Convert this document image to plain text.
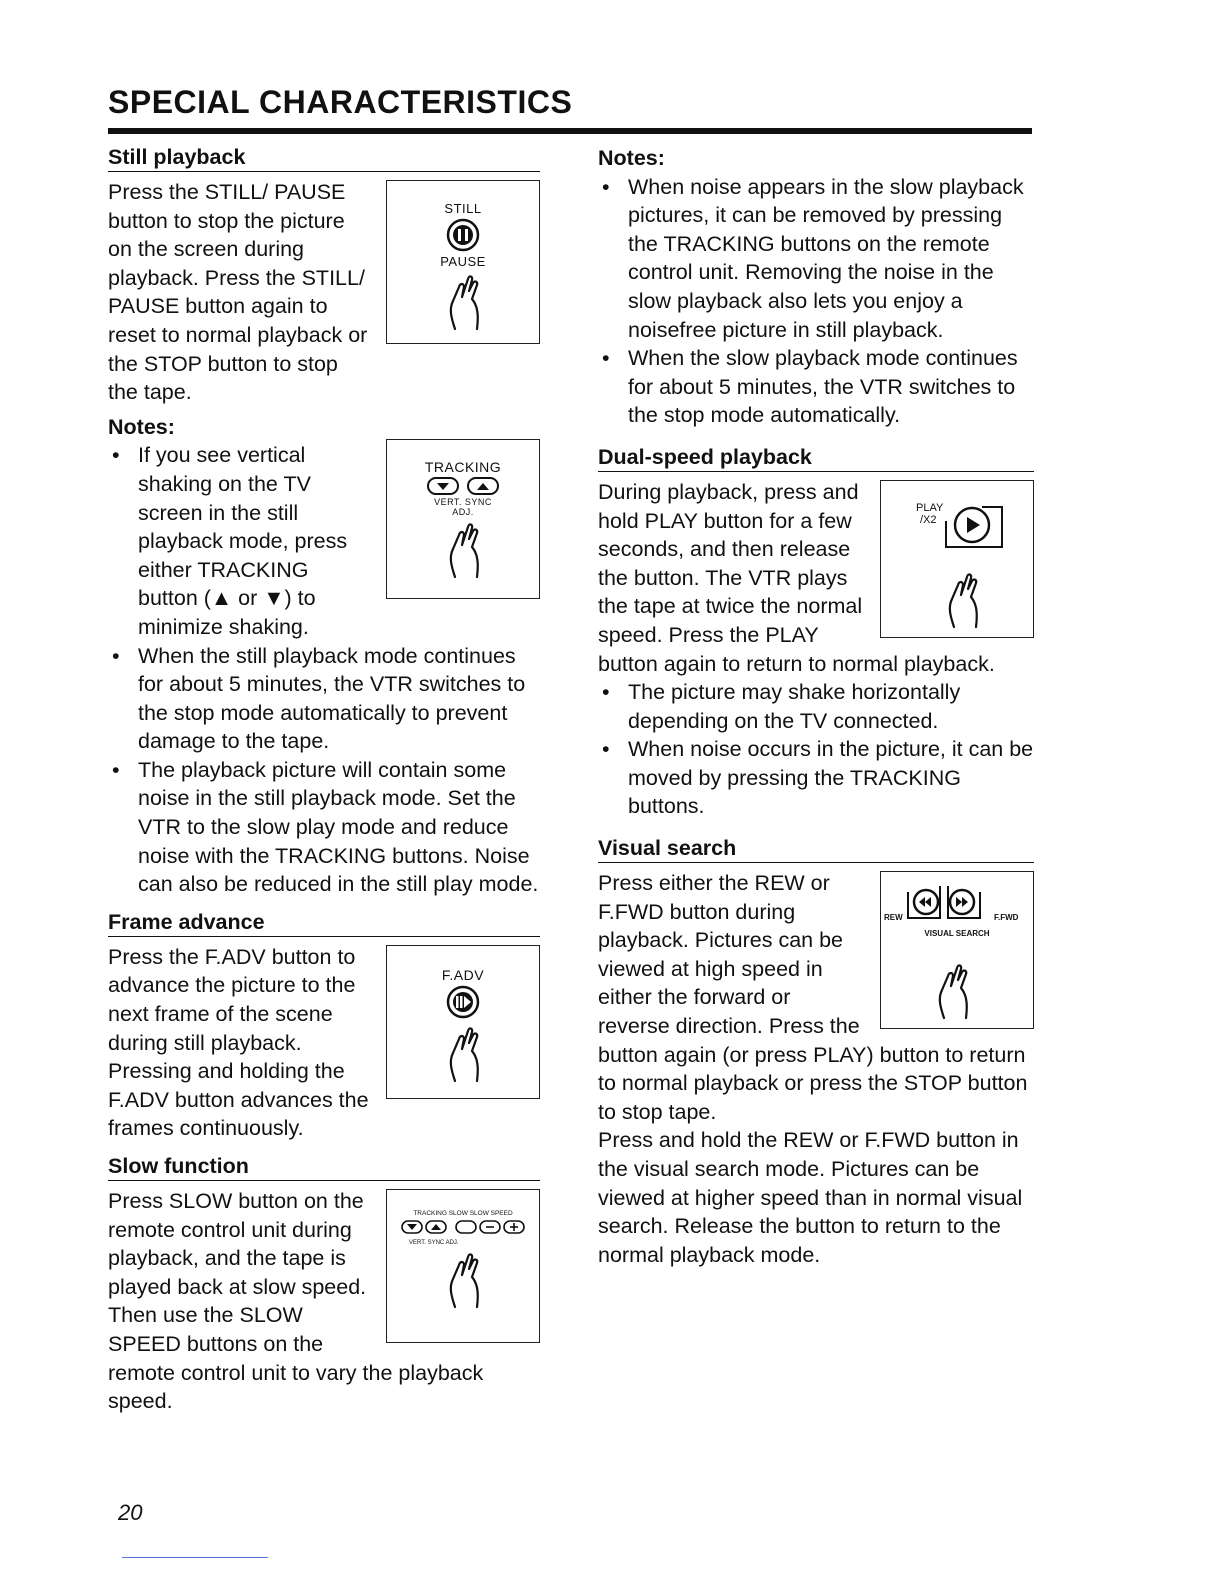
SPECIAL CHARACTERISTICS
Still playback
STILL
PAUSE

Press the STILL/ PAUSE button to stop the picture on the screen during playback. Press the STILL/ PAUSE button again to reset to normal playback or the STOP button to stop the tape.

Notes:
TRACKING
VERT. SYNC
ADJ.
• If you see vertical shaking on the TV screen in the still playback mode, press either TRACKING button (▲ or ▼) to minimize shaking.
• When the still playback mode continues for about 5 minutes, the VTR switches to the stop mode automatically to prevent damage to the tape.
• The playback picture will contain some noise in the still playback mode. Set the VTR to the slow play mode and reduce noise with the TRACKING buttons. Noise can also be reduced in the still play mode.
Frame advance
F.ADV

Press the F.ADV button to advance the picture to the next frame of the scene during still playback. Pressing and holding the F.ADV button advances the frames continuously.

Slow function
TRACKING SLOW SLOW SPEED
VERT. SYNC ADJ.

Press SLOW button on the remote control unit during playback, and the tape is played back at slow speed. Then use the SLOW SPEED buttons on the remote control unit to vary the playback speed.

Notes:
• When noise appears in the slow playback pictures, it can be removed by pressing the TRACKING buttons on the remote control unit. Removing the noise in the slow playback also lets you enjoy a noisefree picture in still playback.
• When the slow playback mode continues for about 5 minutes, the VTR switches to the stop mode automatically.
Dual-speed playback
PLAY
/X2

During playback, press and hold PLAY button for a few seconds, and then release the button. The VTR plays the tape at twice the normal speed. Press the PLAY button again to return to normal playback.

• The picture may shake horizontally depending on the TV connected.
• When noise occurs in the picture, it can be moved by pressing the TRACKING buttons.
Visual search
REW	F.FWD
VISUAL SEARCH

Press either the REW or F.FWD button during playback. Pictures can be viewed at high speed in either the forward or reverse direction. Press the button again (or press PLAY) button to return to normal playback or press the STOP button to stop tape.

Press and hold the REW or F.FWD button in the visual search mode. Pictures can be viewed at higher speed than in normal visual search. Release the button to return to the normal playback mode.

20
